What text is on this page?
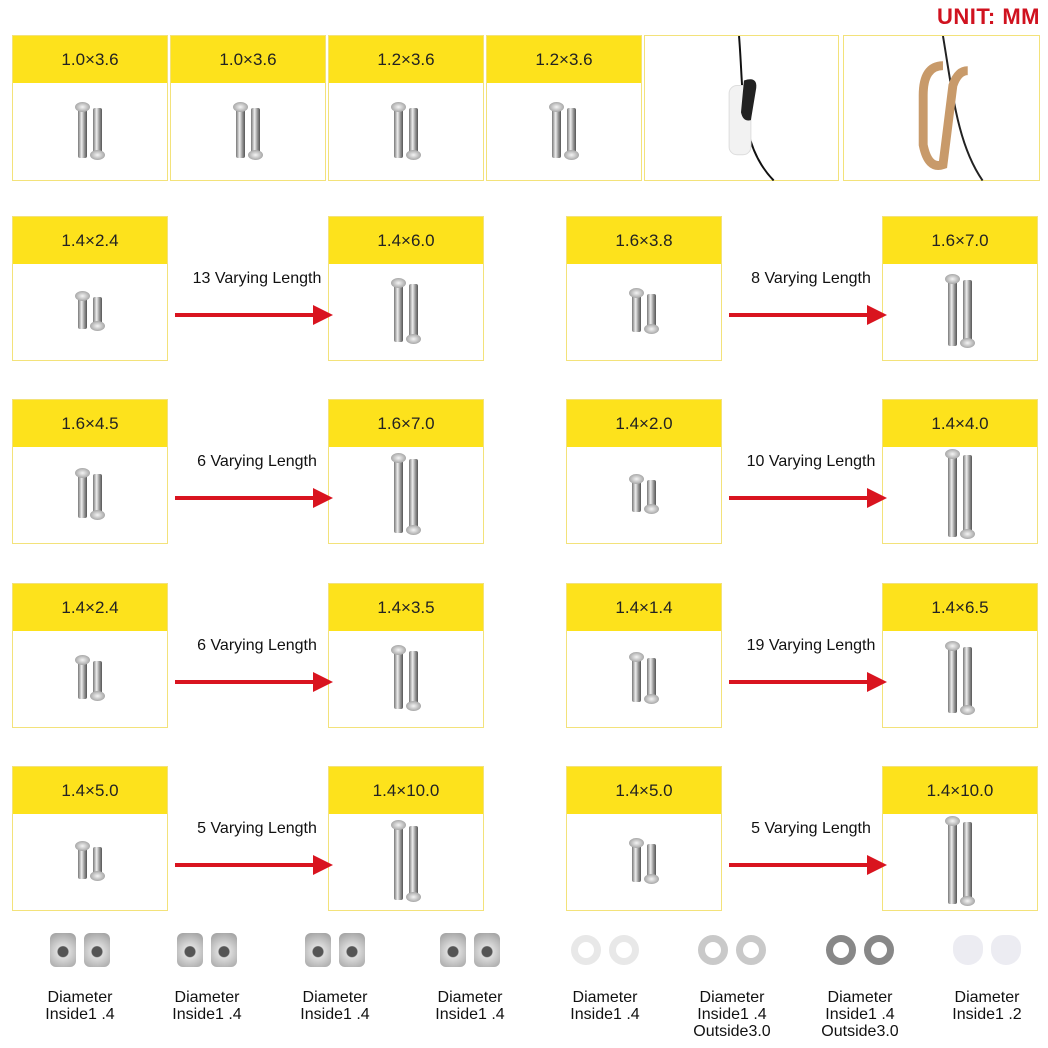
UNIT: MM
1.0×3.6	1.0×3.6	1.2×3.6	1.2×3.6
1.4×2.4	1.4×6.0
13 Varying Length
1.6×3.8	1.6×7.0
8 Varying Length
1.6×4.5	1.6×7.0
6 Varying Length
1.4×2.0	1.4×4.0
10 Varying Length
1.4×2.4	1.4×3.5
6 Varying Length
1.4×1.4	1.4×6.5
19 Varying Length
1.4×5.0	1.4×10.0
5 Varying Length
1.4×5.0	1.4×10.0
5 Varying Length
Diameter
Inside1 .4
Diameter
Inside1 .4
Diameter
Inside1 .4
Diameter
Inside1 .4
Diameter
Inside1 .4
Diameter
Inside1 .4
Outside3.0
Diameter
Inside1 .4
Outside3.0
Diameter
Inside1 .2
